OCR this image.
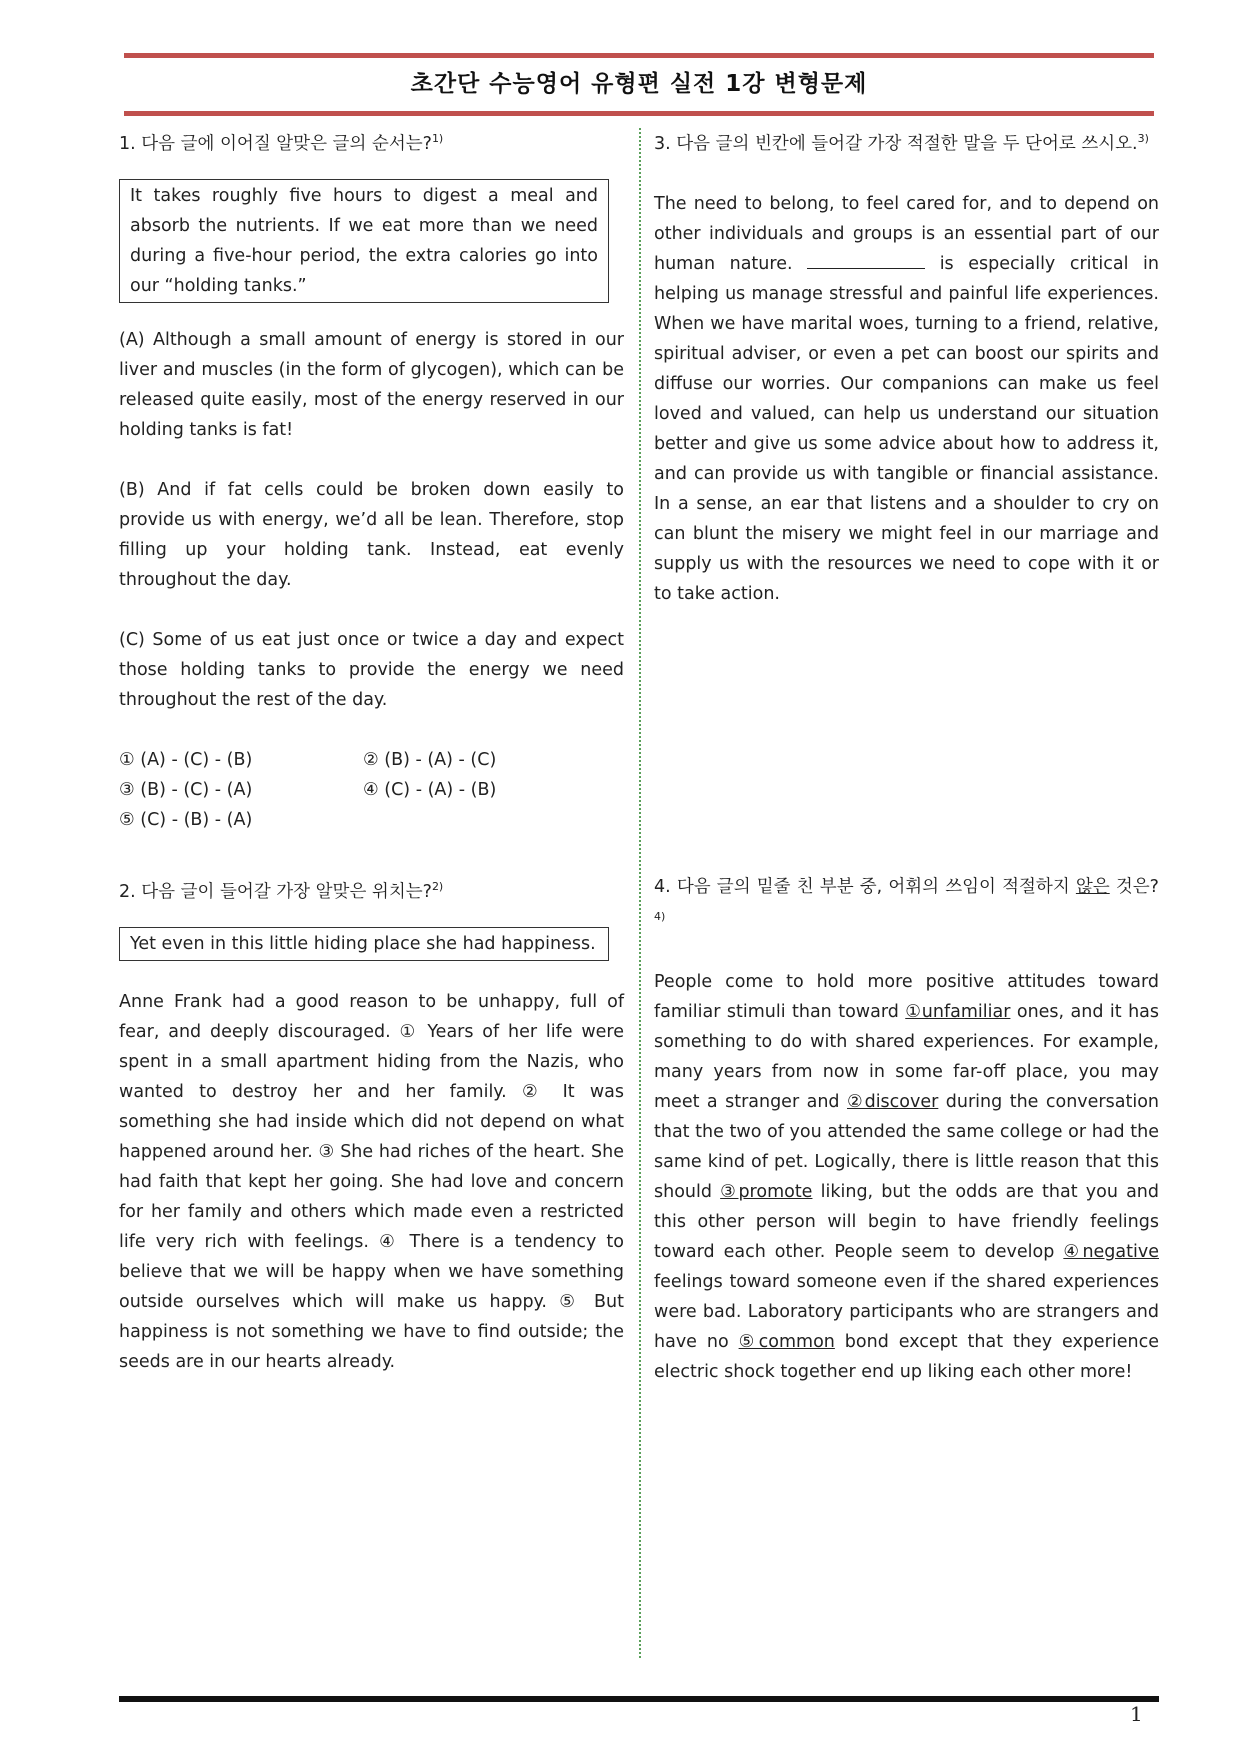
초간단 수능영어 유형편 실전 1강 변형문제
1. 다음 글에 이어질 알맞은 글의 순서는?$^{1)}$
It takes roughly five hours to digest a meal and absorb the nutrients. If we eat more than we need during a five-hour period, the extra calories go into our “holding tanks.”

(A) Although a small amount of energy is stored in our liver and muscles (in the form of glycogen), which can be released quite easily, most of the energy reserved in our holding tanks is fat!

(B) And if fat cells could be broken down easily to provide us with energy, we’d all be lean. Therefore, stop filling up your holding tank. Instead, eat evenly throughout the day.

(C) Some of us eat just once or twice a day and expect those holding tanks to provide the energy we need throughout the rest of the day.

① (A) - (C) - (B)	② (B) - (A) - (C)
③ (B) - (C) - (A)	④ (C) - (A) - (B)
⑤ (C) - (B) - (A)
2. 다음 글이 들어갈 가장 알맞은 위치는?$^{2)}$
Yet even in this little hiding place she had happiness.

Anne Frank had a good reason to be unhappy, full of fear, and deeply discouraged. ① Years of her life were spent in a small apartment hiding from the Nazis, who wanted to destroy her and her family. ② It was something she had inside which did not depend on what happened around her. ③ She had riches of the heart. She had faith that kept her going. She had love and concern for her family and others which made even a restricted life very rich with feelings. ④ There is a tendency to believe that we will be happy when we have something outside ourselves which will make us happy. ⑤ But happiness is not something we have to find outside; the seeds are in our hearts already.

3. 다음 글의 빈칸에 들어갈 가장 적절한 말을 두 단어로 쓰시오.$^{3)}$

The need to belong, to feel cared for, and to depend on other individuals and groups is an essential part of our human nature.	is especially critical in helping us manage stressful and painful life experiences. When we have marital woes, turning to a friend, relative, spiritual adviser, or even a pet can boost our spirits and diffuse our worries. Our companions can make us feel loved and valued, can help us understand our situation better and give us some advice about how to address it, and can provide us with tangible or financial assistance. In a sense, an ear that listens and a shoulder to cry on can blunt the misery we might feel in our marriage and supply us with the resources we need to cope with it or to take action.

4. 다음 글의 밑줄 친 부분 중, 어휘의 쓰임이 적절하지 않은 것은?$^{4)}$

People come to hold more positive attitudes toward familiar stimuli than toward ①unfamiliar ones, and it has something to do with shared experiences. For example, many years from now in some far-off place, you may meet a stranger and ②discover during the conversation that the two of you attended the same college or had the same kind of pet. Logically, there is little reason that this should ③promote liking, but the odds are that you and this other person will begin to have friendly feelings toward each other. People seem to develop ④negative feelings toward someone even if the shared experiences were bad. Laboratory participants who are strangers and have no ⑤common bond except that they experience electric shock together end up liking each other more!

1
